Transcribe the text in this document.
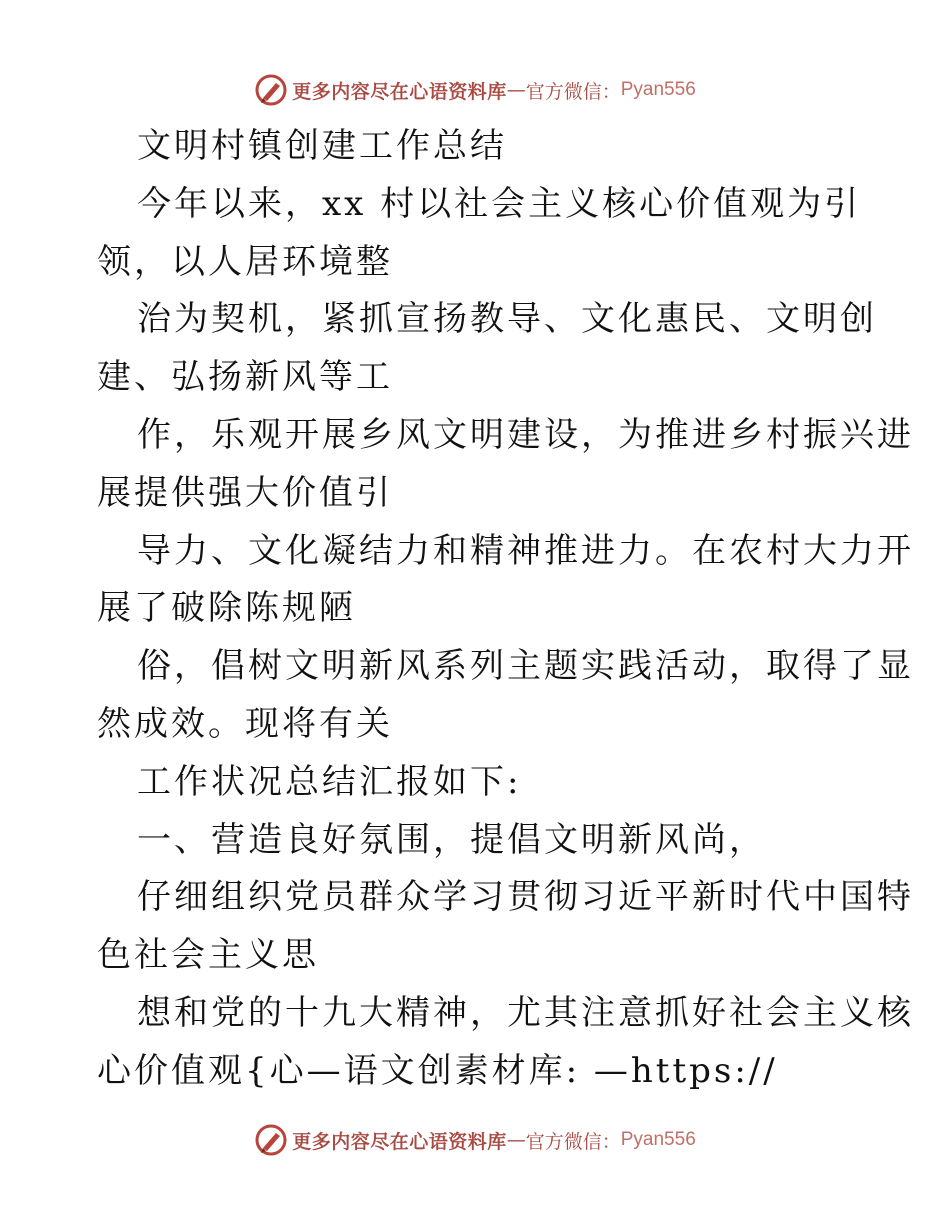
更多内容尽在心语资料库 — 官方微信： Pyan556
文明村镇创建工作总结
今年以来，xx 村以社会主义核心价值观为引
领，以人居环境整
治为契机，紧抓宣扬教导、文化惠民、文明创
建、弘扬新风等工
作，乐观开展乡风文明建设，为推进乡村振兴进
展提供强大价值引
导力、文化凝结力和精神推进力。在农村大力开
展了破除陈规陋
俗，倡树文明新风系列主题实践活动，取得了显
然成效。现将有关
工作状况总结汇报如下:
一、营造良好氛围，提倡文明新风尚，
仔细组织党员群众学习贯彻习近平新时代中国特
色社会主义思
想和党的十九大精神，尤其注意抓好社会主义核
心价值观{心—语文创素材库: —https://
更多内容尽在心语资料库 — 官方微信： Pyan556
